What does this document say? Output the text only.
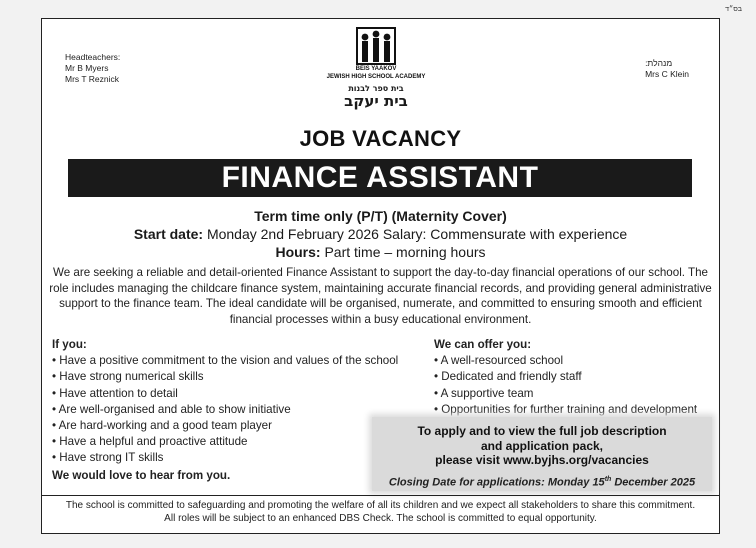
בס״ד
Headteachers:
Mr B Myers
Mrs T Reznick
BEIS YAAKOV
JEWISH HIGH SCHOOL ACADEMY
בית ספר לבנות
בית יעקב
מנהלת:
Mrs C Klein
JOB VACANCY
FINANCE ASSISTANT
Term time only (P/T) (Maternity Cover)
Start date: Monday 2nd February 2026 Salary: Commensurate with experience
Hours: Part time – morning hours
We are seeking a reliable and detail-oriented Finance Assistant to support the day-to-day financial operations of our school. The role includes managing the childcare finance system, maintaining accurate financial records, and providing general administrative support to the finance team. The ideal candidate will be organised, numerate, and committed to ensuring smooth and efficient financial processes within a busy educational environment.
If you:
• Have a positive commitment to the vision and values of the school
• Have strong numerical skills
• Have attention to detail
• Are well-organised and able to show initiative
• Are hard-working and a good team player
• Have a helpful and proactive attitude
• Have strong IT skills
We would love to hear from you.
We can offer you:
• A well-resourced school
• Dedicated and friendly staff
• A supportive team
• Opportunities for further training and development
To apply and to view the full job description
and application pack,
please visit www.byjhs.org/vacancies
Closing Date for applications: Monday 15th December 2025
The school is committed to safeguarding and promoting the welfare of all its children and we expect all stakeholders to share this commitment.
All roles will be subject to an enhanced DBS Check. The school is committed to equal opportunity.
